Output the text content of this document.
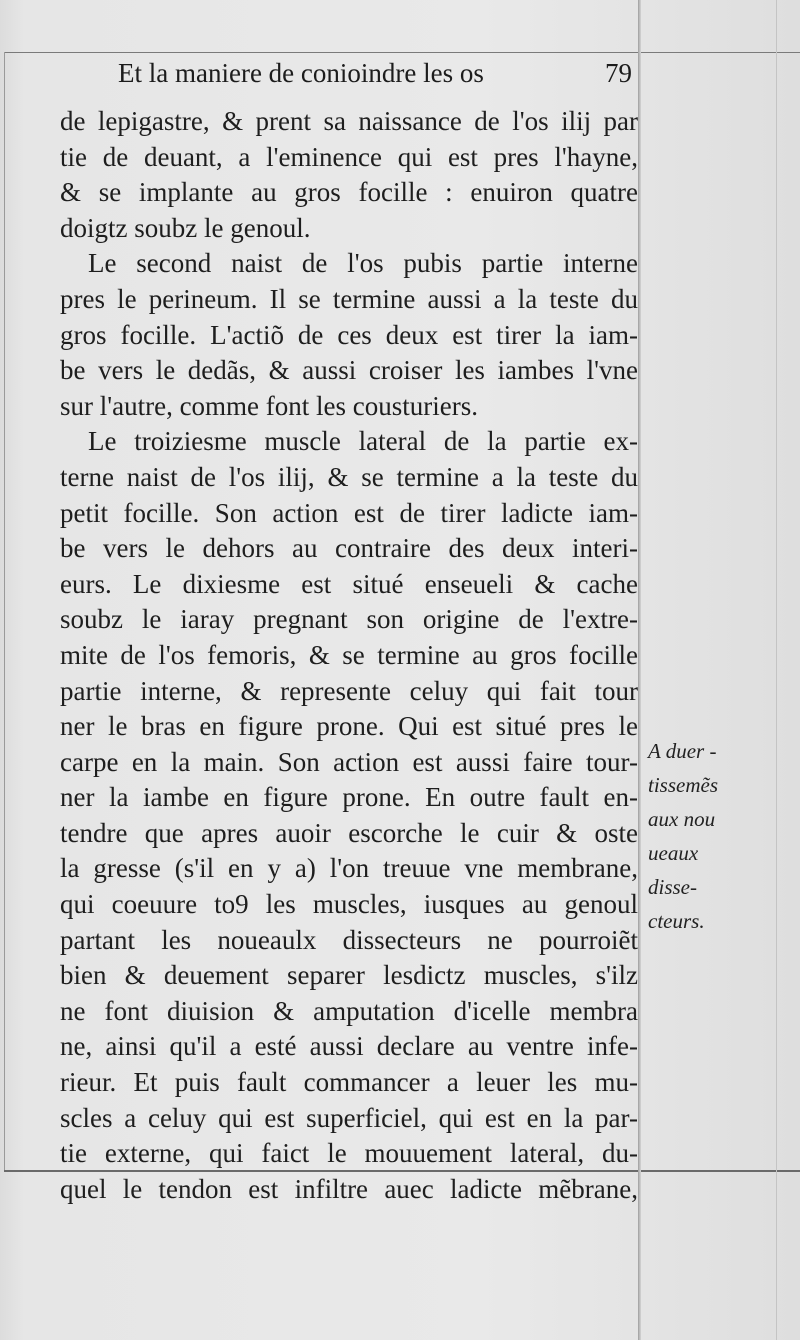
Et la maniere de conioindre les os	79
de lepigastre, & prent sa naissance de l'os ilij par
tie de deuant, a l'eminence qui est pres l'hayne,
& se implante au gros focille : enuiron quatre
doigtz soubz le genoul.
Le second naist de l'os pubis partie interne
pres le perineum. Il se termine aussi a la teste du
gros focille. L'actiõ de ces deux est tirer la iam-
be vers le dedãs, & aussi croiser les iambes l'vne
sur l'autre, comme font les cousturiers.
Le troiziesme muscle lateral de la partie ex-
terne naist de l'os ilij, & se termine a la teste du
petit focille. Son action est de tirer ladicte iam-
be vers le dehors au contraire des deux interi-
eurs. Le dixiesme est situé enseueli & cache
soubz le iaray pregnant son origine de l'extre-
mite de l'os femoris, & se termine au gros focille
partie interne, & represente celuy qui fait tour
ner le bras en figure prone. Qui est situé pres le
carpe en la main. Son action est aussi faire tour-
ner la iambe en figure prone. En outre fault en-
tendre que apres auoir escorche le cuir & oste
la gresse (s'il en y a) l'on treuue vne membrane,
qui coeuure to9 les muscles, iusques au genoul
partant les noueaulx dissecteurs ne pourroiẽt
bien & deuement separer lesdictz muscles, s'ilz
ne font diuision & amputation d'icelle membra
ne, ainsi qu'il a esté aussi declare au ventre infe-
rieur. Et puis fault commancer a leuer les mu-
scles a celuy qui est superficiel, qui est en la par-
tie externe, qui faict le mouuement lateral, du-
quel le tendon est infiltre auec ladicte mẽbrane,
A duer -
tissemẽs
aux nou
ueaux
disse-
cteurs.
